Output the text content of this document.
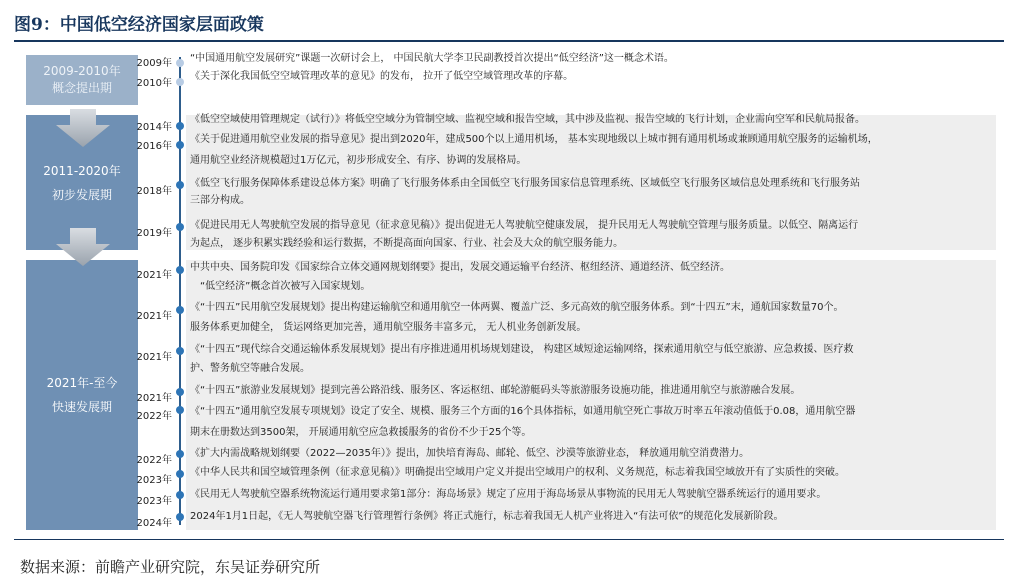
图9：中国低空经济国家层面政策
2009-2010年
概念提出期
2011-2020年
初步发展期
2021年-至今
快速发展期
2009年 “中国通用航空发展研究”课题一次研讨会上， 中国民航大学李卫民副教授首次提出“低空经济”这一概念术语。
2010年
《关于深化我国低空空域管理改革的意见》的发布， 拉开了低空空域管理改革的序幕。
2014年
《低空空域使用管理规定（试行）》将低空空域分为管制空域、监视空域和报告空域，其中涉及监视、报告空域的飞行计划，企业需向空军和民航局报备。
2016年
《关于促进通用航空业发展的指导意见》提出到2020年，建成500个以上通用机场， 基本实现地级以上城市拥有通用机场或兼顾通用航空服务的运输机场，
通用航空业经济规模超过1万亿元，初步形成安全、有序、协调的发展格局。
2018年
《低空飞行服务保障体系建设总体方案》明确了飞行服务体系由全国低空飞行服务国家信息管理系统、区域低空飞行服务区域信息处理系统和飞行服务站
三部分构成。
2019年
《促进民用无人驾驶航空发展的指导意见（征求意见稿）》提出促进无人驾驶航空健康发展， 提升民用无人驾驶航空管理与服务质量。以低空、隔离运行
为起点， 逐步积累实践经验和运行数据，不断提高面向国家、行业、社会及大众的航空服务能力。
2021年
中共中央、国务院印发《国家综合立体交通网规划纲要》提出，发展交通运输平台经济、枢纽经济、通道经济、低空经济。
“低空经济”概念首次被写入国家规划。
2021年
《“十四五”民用航空发展规划》提出构建运输航空和通用航空一体两翼、覆盖广泛、多元高效的航空服务体系。到“十四五”末，通航国家数量70个。
服务体系更加健全， 货运网络更加完善，通用航空服务丰富多元， 无人机业务创新发展。
2021年
《“十四五”现代综合交通运输体系发展规划》提出有序推进通用机场规划建设， 构建区域短途运输网络，探索通用航空与低空旅游、应急救援、医疗救
护、警务航空等融合发展。
2021年
《“十四五”旅游业发展规划》提到完善公路沿线、服务区、客运枢纽、邮轮游艇码头等旅游服务设施功能，推进通用航空与旅游融合发展。
2022年 《“十四五”通用航空发展专项规划》设定了安全、规模、服务三个方面的16个具体指标，如通用航空死亡事故万时率五年滚动值低于0.08，通用航空器
期末在册数达到3500架， 开展通用航空应急救援服务的省份不少于25个等。
2022年
《扩大内需战略规划纲要（2022—2035年）》提出，加快培育海岛、邮轮、低空、沙漠等旅游业态， 释放通用航空消费潜力。
2023年
《中华人民共和国空域管理条例（征求意见稿）》明确提出空域用户定义并提出空域用户的权利、义务规范，标志着我国空域放开有了实质性的突破。
2023年
《民用无人驾驶航空器系统物流运行通用要求第1部分：海岛场景》规定了应用于海岛场景从事物流的民用无人驾驶航空器系统运行的通用要求。
2024年
2024年1月1日起，《无人驾驶航空器飞行管理暂行条例》将正式施行，标志着我国无人机产业将进入“有法可依”的规范化发展新阶段。
数据来源：前瞻产业研究院，东吴证券研究所
